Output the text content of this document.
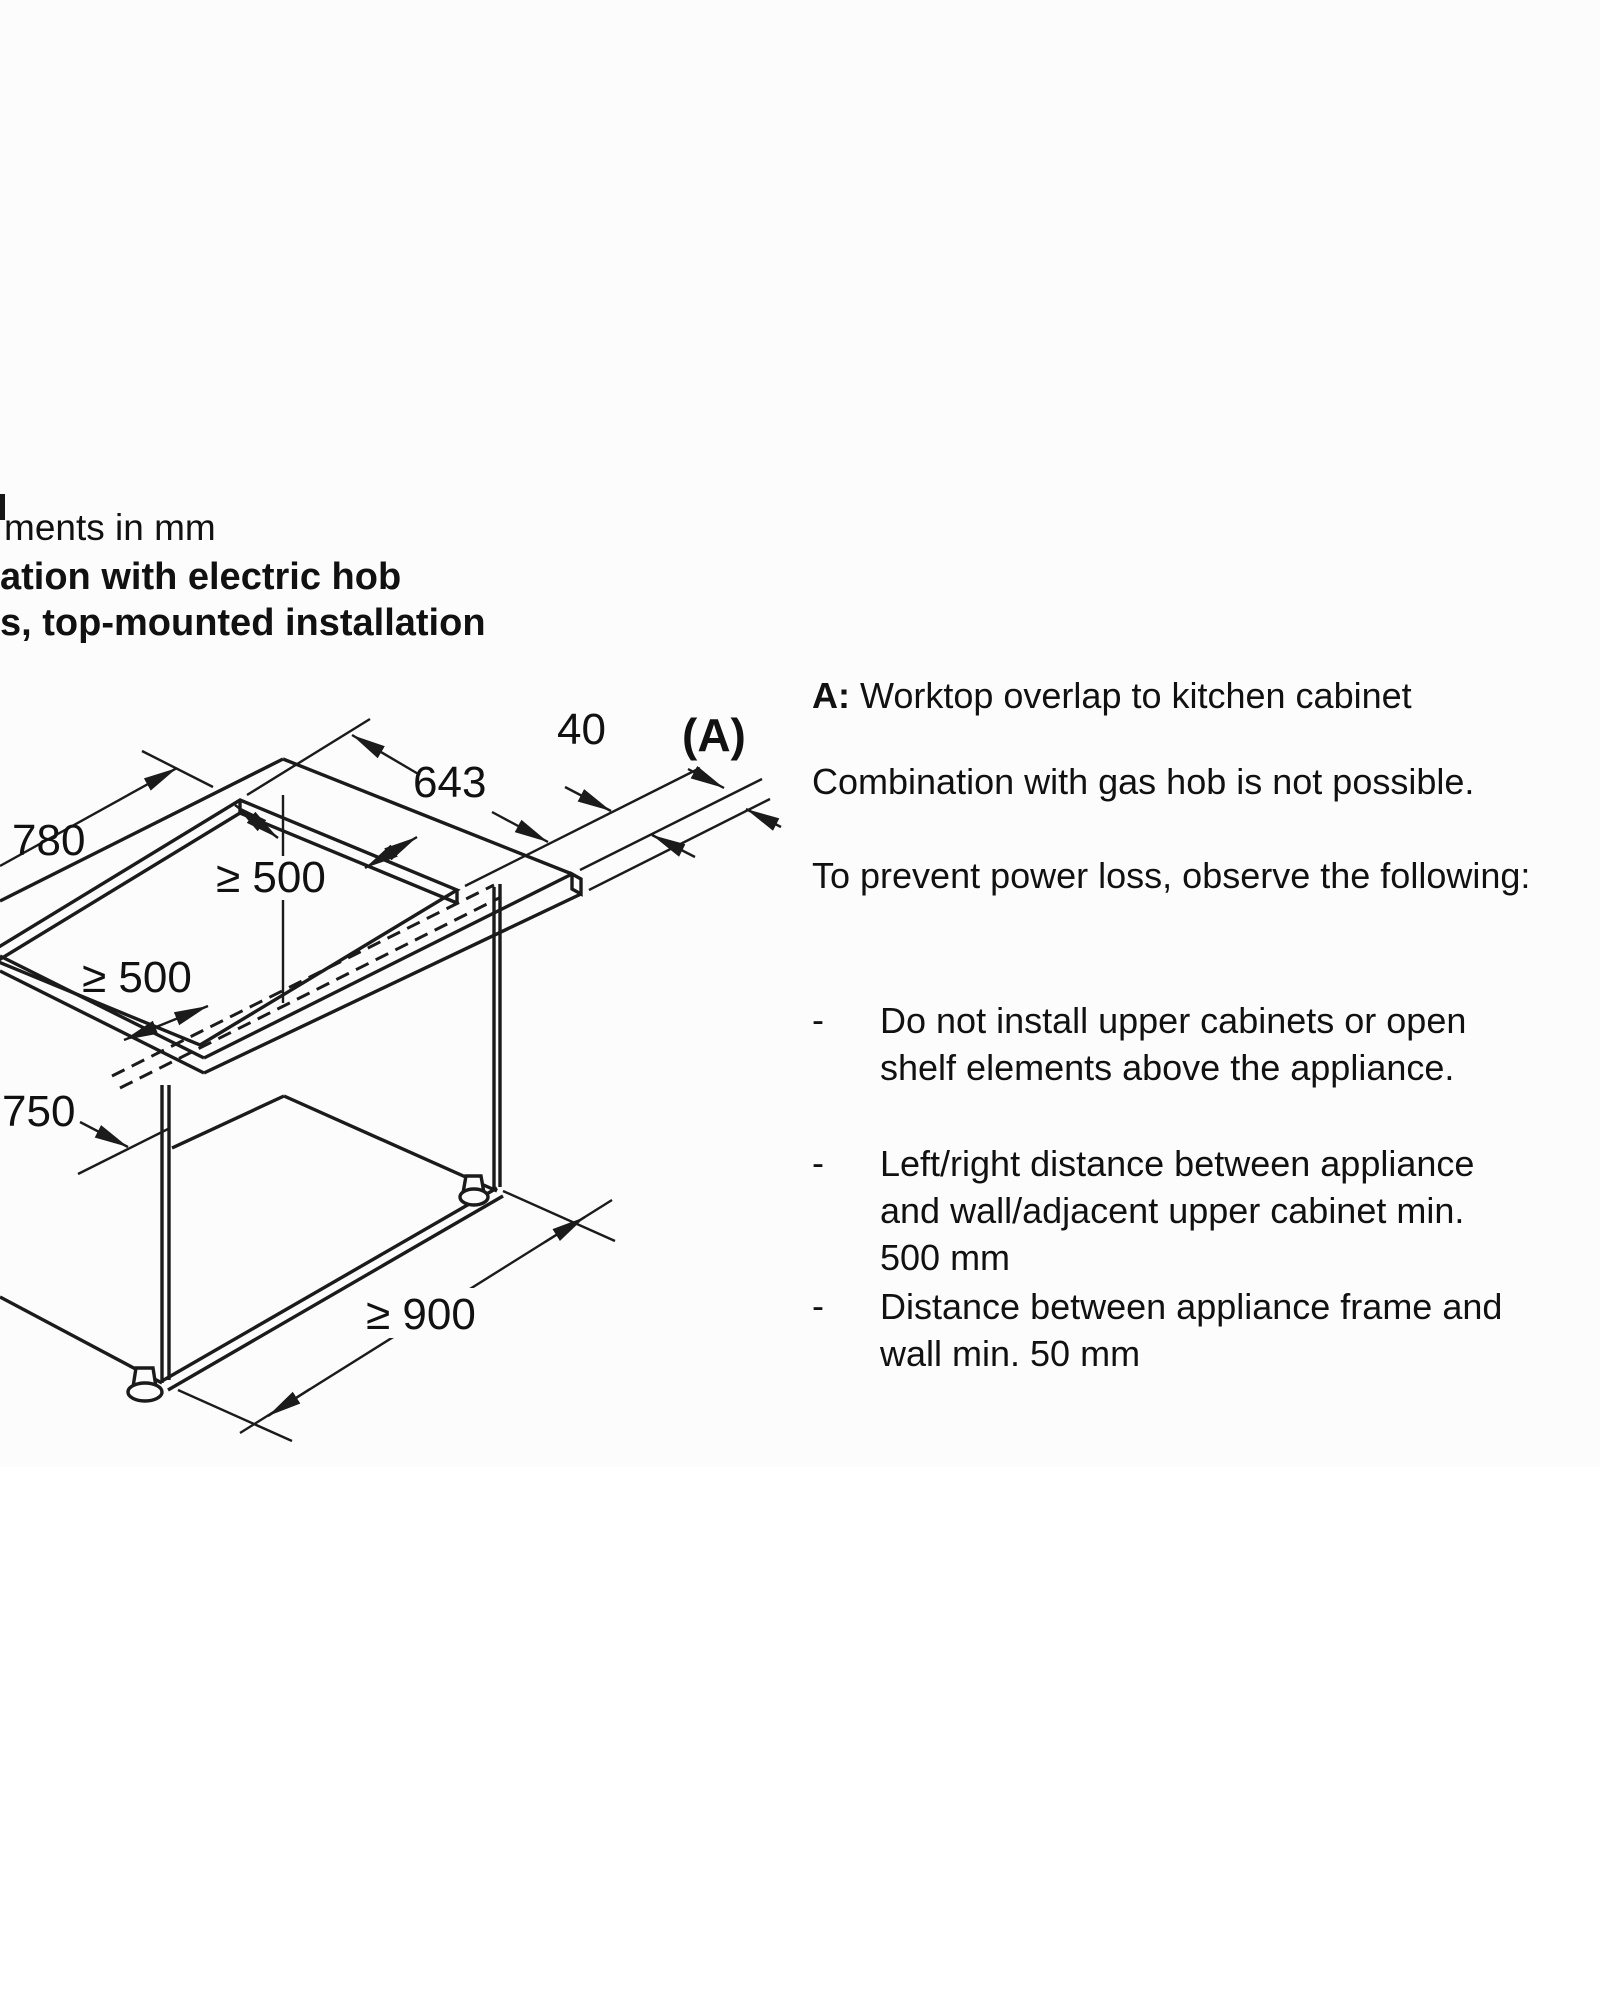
ments in mm
ation with electric hob
s, top-mounted installation
780
643
40 (A)
≥ 500
≥ 500
750
≥ 900
A: Worktop overlap to kitchen cabinet
Combination with gas hob is not possible.
To prevent power loss, observe the following:
- Do not install upper cabinets or open
shelf elements above the appliance.
- Left/right distance between appliance
and wall/adjacent upper cabinet min.
500 mm
- Distance between appliance frame and
wall min. 50 mm
